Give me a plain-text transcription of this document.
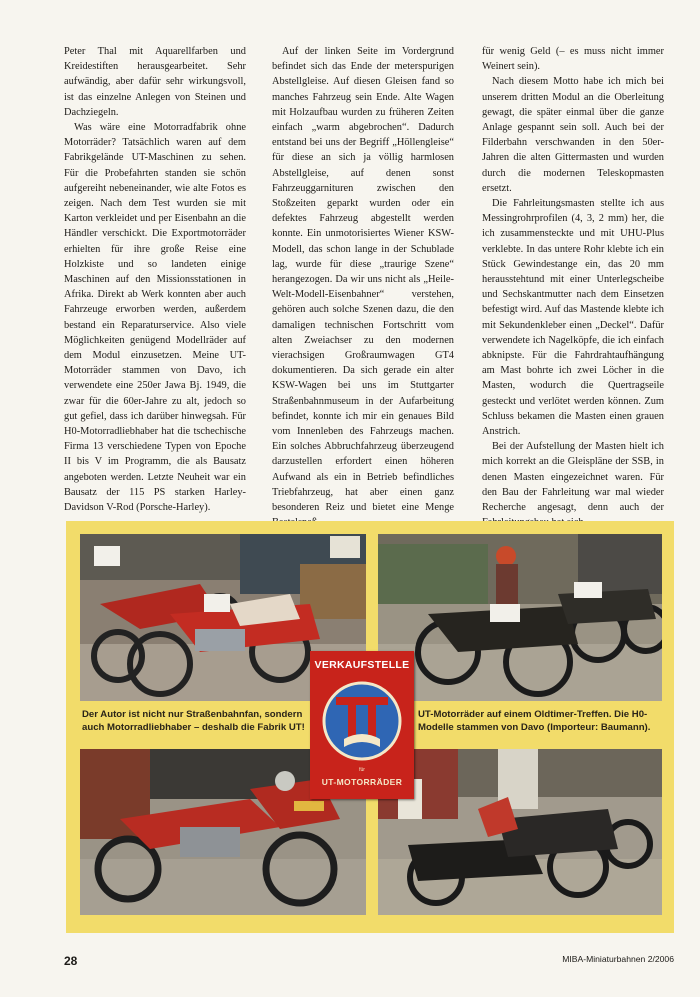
Peter Thal mit Aquarellfarben und Kreidestiften herausgearbeitet. Sehr aufwändig, aber dafür sehr wirkungsvoll, ist das einzelne Anlegen von Steinen und Dachziegeln.

Was wäre eine Motorradfabrik ohne Motorräder? Tatsächlich waren auf dem Fabrikgelände UT-Maschinen zu sehen. Für die Probefahrten standen sie schön aufgereiht nebeneinander, wie alte Fotos es zeigen. Nach dem Test wurden sie mit Karton verkleidet und per Eisenbahn an die Händler verschickt. Die Exportmotorräder erhielten für ihre große Reise eine Holzkiste und so landeten einige Maschinen auf den Missionsstationen in Afrika. Direkt ab Werk konnten aber auch Fahrzeuge erworben werden, außerdem bestand ein Reparaturservice. Also viele Möglichkeiten genügend Modellräder auf dem Modul einzusetzen. Meine UT-Motorräder stammen von Davo, ich verwendete eine 250er Jawa Bj. 1949, die zwar für die 60er-Jahre zu alt, jedoch so gut gefiel, dass ich darüber hinwegsah. Für H0-Motorradliebhaber hat die tschechische Firma 13 verschiedene Typen von Epoche II bis V im Programm, die als Bausatz angeboten werden. Letzte Neuheit war ein Bausatz der 115 PS starken Harley-Davidson V-Rod (Porsche-Harley).

Auf der linken Seite im Vordergrund befindet sich das Ende der meterspurigen Abstellgleise. Auf diesen Gleisen fand so manches Fahrzeug sein Ende. Alte Wagen mit Holzaufbau wurden zu früheren Zeiten einfach „warm abgebrochen“. Dadurch entstand bei uns der Begriff „Höllengleise“ für diese an sich ja völlig harmlosen Abstellgleise, auf denen sonst Fahrzeuggarnituren zwischen den Stoßzeiten geparkt wurden oder ein defektes Fahrzeug abgestellt werden konnte. Ein unmotorisiertes Wiener KSW-Modell, das schon lange in der Schublade lag, wurde für diese „traurige Szene“ herangezogen. Da wir uns nicht als „Heile-Welt-Modell-Eisenbahner“ verstehen, gehören auch solche Szenen dazu, die den damaligen technischen Fortschritt vom alten Zweiachser zu den modernen vierachsigen Großraumwagen GT4 dokumentieren. Da sich gerade ein alter KSW-Wagen bei uns im Stuttgarter Straßenbahnmuseum in der Aufarbeitung befindet, konnte ich mir ein genaues Bild vom Innenleben des Fahrzeugs machen. Ein solches Abbruchfahrzeug überzeugend darzustellen erfordert einen höheren Aufwand als ein in Betrieb befindliches Triebfahrzeug, hat aber einen ganz besonderen Reiz und bietet eine Menge

für wenig Geld (– es muss nicht immer Weinert sein).

Nach diesem Motto habe ich mich bei unserem dritten Modul an die Oberleitung gewagt, die später einmal über die ganze Anlage gespannt sein soll. Auch bei der Filderbahn verschwanden in den 50er-Jahren die alten Gittermasten und wurden durch die modernen Teleskopmasten ersetzt.

Die Fahrleitungsmasten stellte ich aus Messingrohrprofilen (4, 3, 2 mm) her, die ich zusammensteckte und mit UHU-Plus verklebte. In das untere Rohr klebte ich ein Stück Gewindestange ein, das 20 mm herausstehtund mit einer Unterlegscheibe und Sechskantmutter nach dem Einsetzen befestigt wird. Auf das Mastende klebte ich mit Sekundenkleber einen „Deckel“. Dafür verwendete ich Nagelköpfe, die ich einfach abknipste. Für die Fahrdrahtaufhängung am Mast bohrte ich zwei Löcher in die Masten, wodurch die Quertragseile gesteckt und verlötet werden können. Zum Schluss bekamen die Masten einen grauen Anstrich.

Bei der Aufstellung der Masten hielt ich mich korrekt an die Gleispläne der SSB, in denen Masten eingezeichnet waren. Für den Bau der Fahrleitung war mal wieder Recherche angesagt, denn auch der

Der Autor ist nicht nur Straßenbahnfan, sondern auch Motorradliebhaber – deshalb die Fabrik UT!
UT-Motorräder auf einem Oldtimer-Treffen. Die H0-Modelle stammen von Davo (Importeur: Baumann).
VERKAUFSTELLE
für
UT-MOTORRÄDER
28	MIBA-Miniaturbahnen 2/2006
